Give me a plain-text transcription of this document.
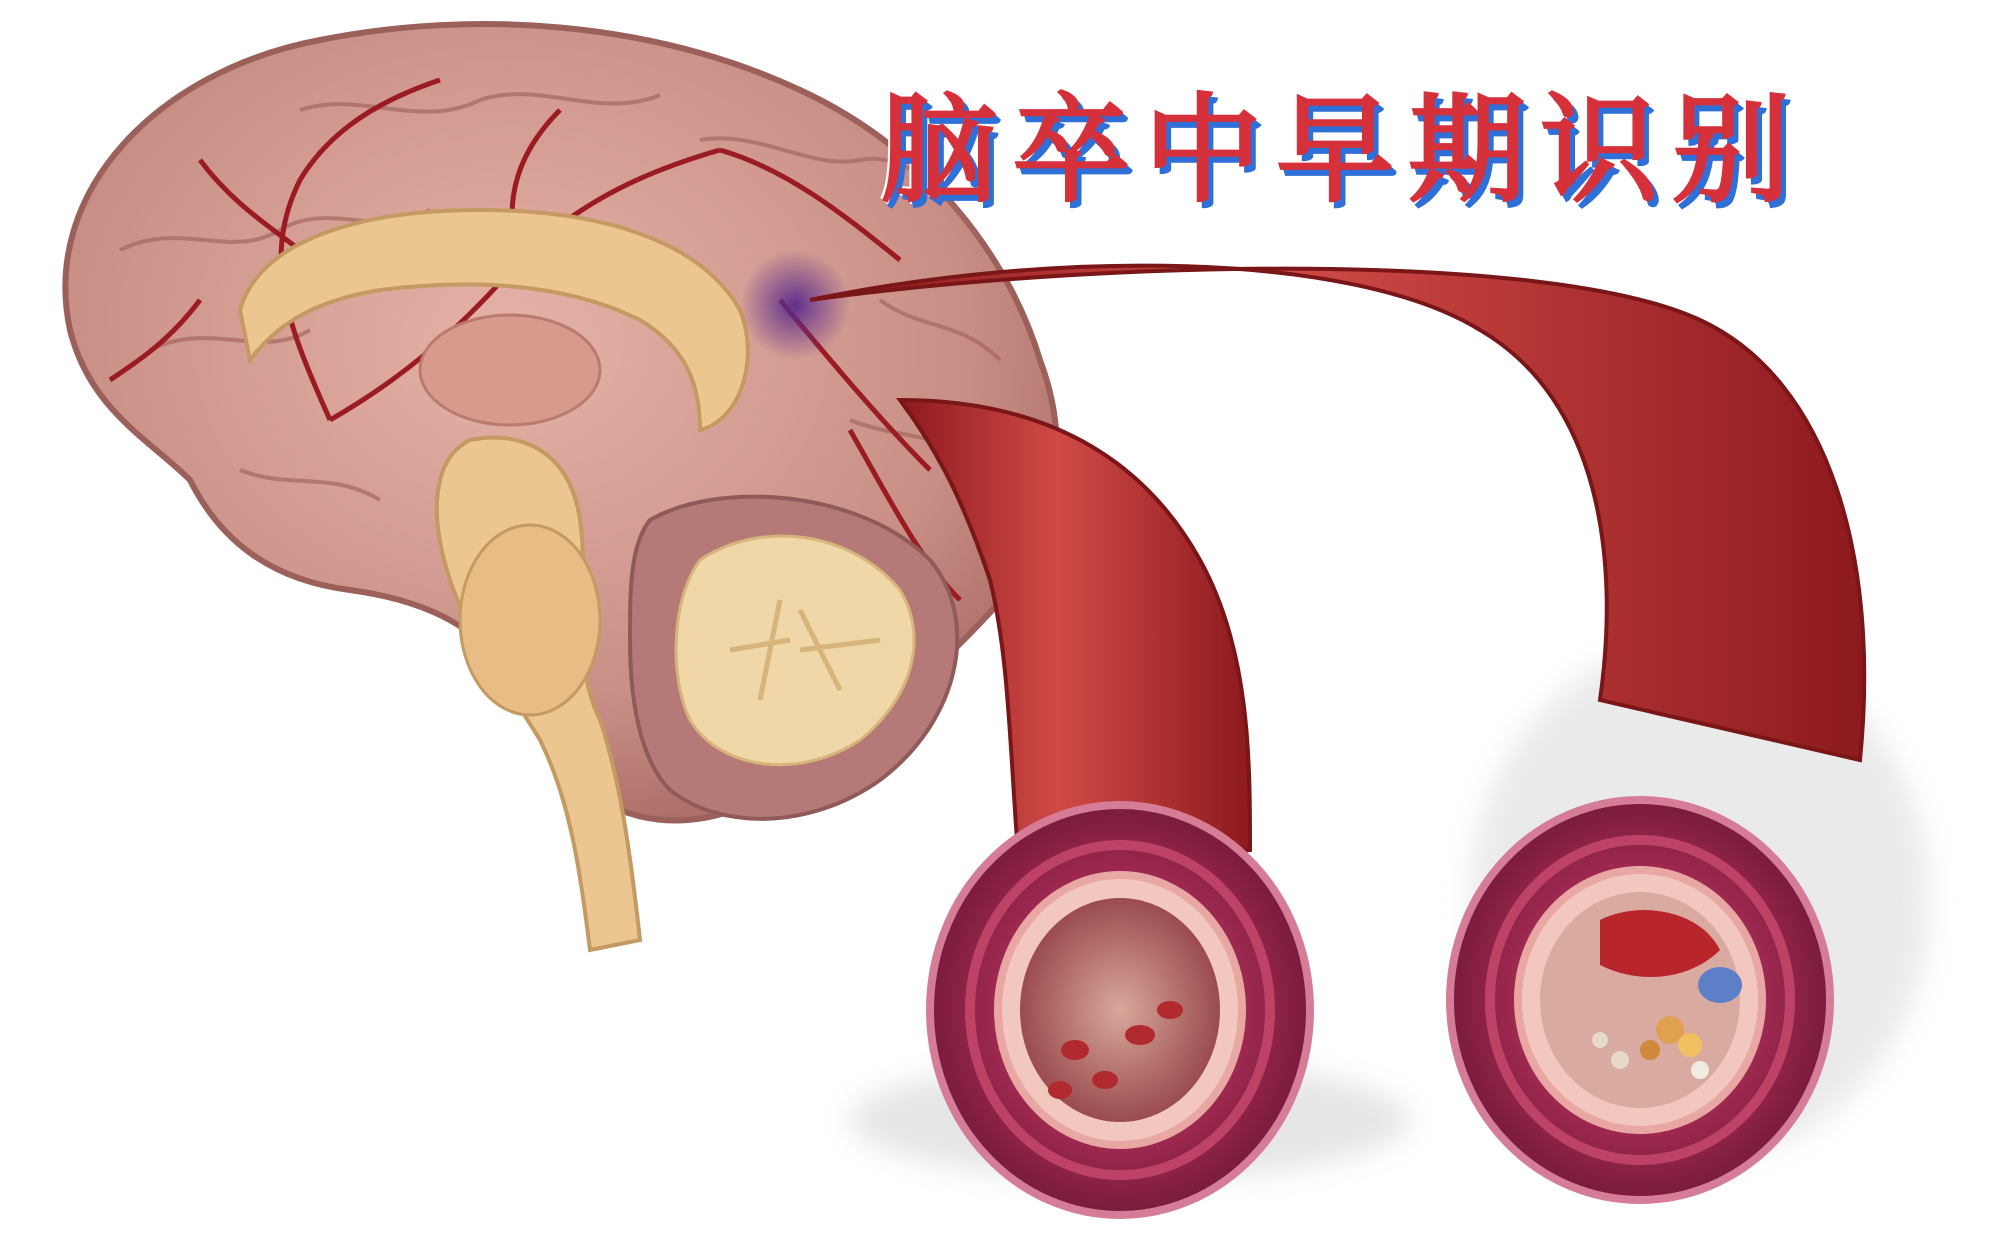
脑卒中早期识别
